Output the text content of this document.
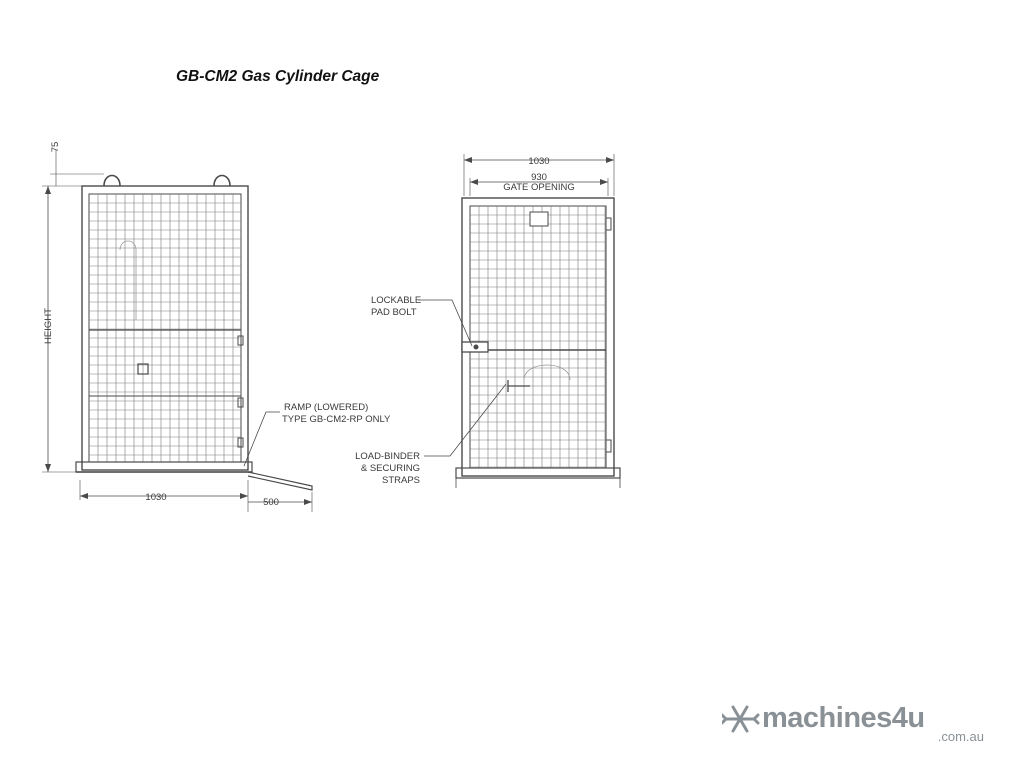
GB-CM2 Gas Cylinder Cage
75
HEIGHT
1030	500
RAMP (LOWERED)
TYPE GB-CM2-RP ONLY
1030
930
GATE OPENING
LOCKABLE
PAD BOLT
LOAD-BINDER
& SECURING
STRAPS
machines4u
.com.au
